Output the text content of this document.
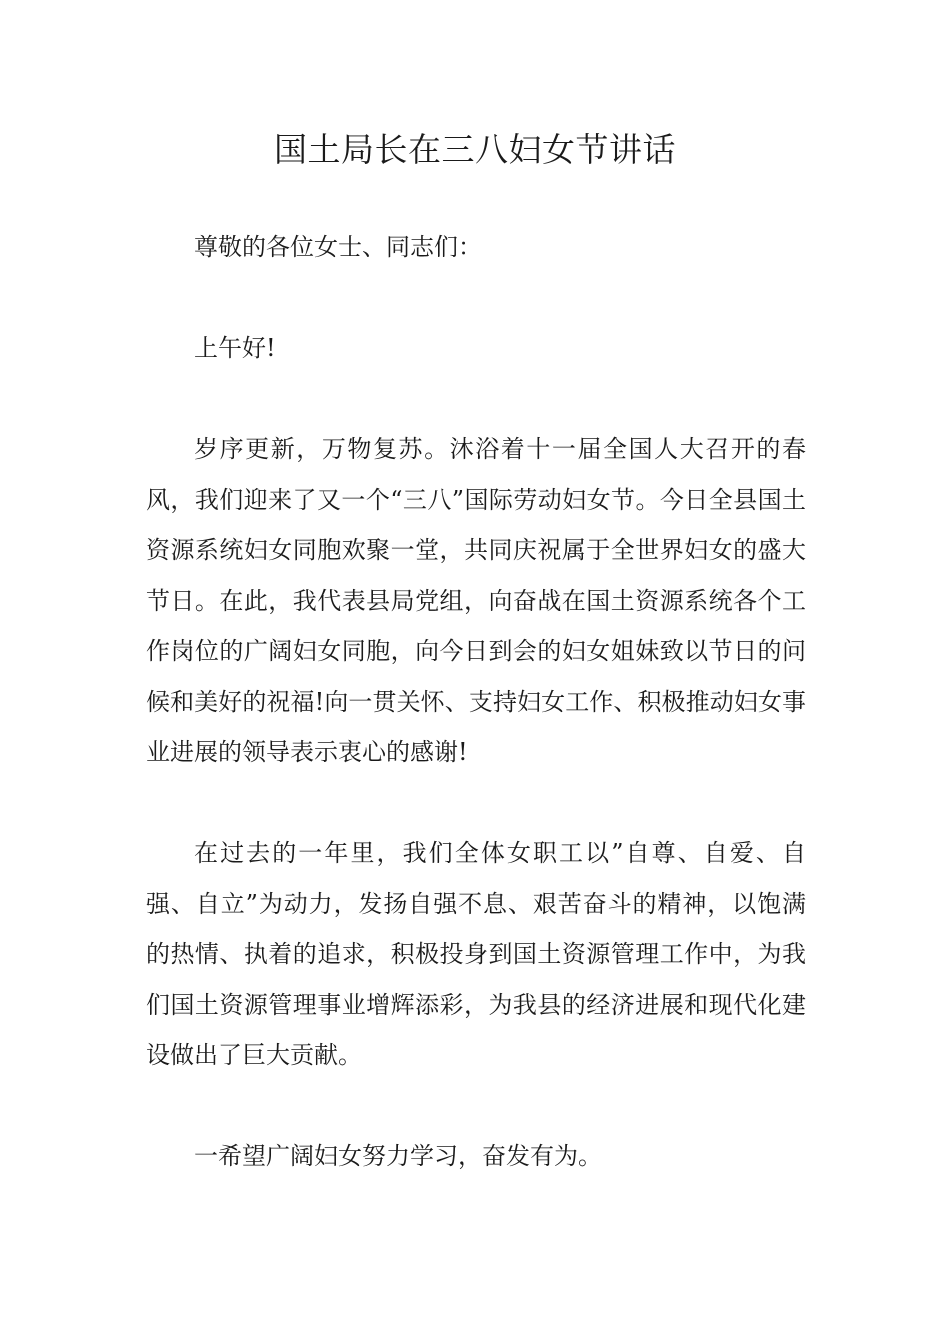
国土局长在三八妇女节讲话

尊敬的各位女士、同志们：

上午好!

岁序更新，万物复苏。沐浴着十一届全国人大召开的春风，我们迎来了又一个“三八”国际劳动妇女节。今日全县国土资源系统妇女同胞欢聚一堂，共同庆祝属于全世界妇女的盛大节日。在此，我代表县局党组，向奋战在国土资源系统各个工作岗位的广阔妇女同胞，向今日到会的妇女姐妹致以节日的问候和美好的祝福!向一贯关怀、支持妇女工作、积极推动妇女事业进展的领导表示衷心的感谢!

在过去的一年里，我们全体女职工以”自尊、自爱、自强、自立”为动力，发扬自强不息、艰苦奋斗的精神，以饱满的热情、执着的追求，积极投身到国土资源管理工作中，为我们国土资源管理事业增辉添彩，为我县的经济进展和现代化建设做出了巨大贡献。

一希望广阔妇女努力学习，奋发有为。
